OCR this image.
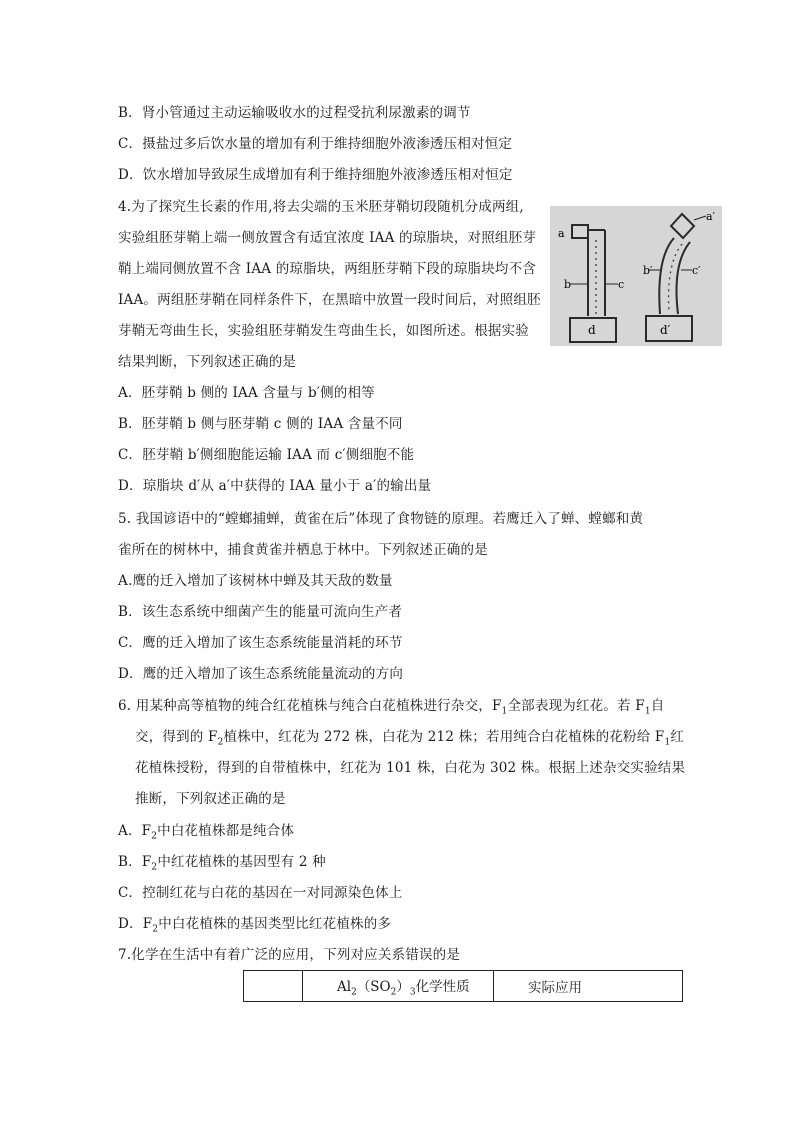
B．肾小管通过主动运输吸收水的过程受抗利尿激素的调节
C．摄盐过多后饮水量的增加有利于维持细胞外液渗透压相对恒定
D．饮水增加导致尿生成增加有利于维持细胞外液渗透压相对恒定
4.为了探究生长素的作用,将去尖端的玉米胚芽鞘切段随机分成两组,
实验组胚芽鞘上端一侧放置含有适宜浓度 IAA 的琼脂块，对照组胚芽
鞘上端同侧放置不含 IAA 的琼脂块，两组胚芽鞘下段的琼脂块均不含
IAA。两组胚芽鞘在同样条件下，在黑暗中放置一段时间后，对照组胚
芽鞘无弯曲生长，实验组胚芽鞘发生弯曲生长，如图所述。根据实验
结果判断，下列叙述正确的是
a
b	c
d
a′
b′	c′
d′
A．胚芽鞘 b 侧的 IAA 含量与 b′侧的相等
B．胚芽鞘 b 侧与胚芽鞘 c 侧的 IAA 含量不同
C．胚芽鞘 b′侧细胞能运输 IAA 而 c′侧细胞不能
D．琼脂块 d′从 a′中获得的 IAA 量小于 a′的输出量
5. 我国谚语中的“螳螂捕蝉，黄雀在后”体现了食物链的原理。若鹰迁入了蝉、螳螂和黄
雀所在的树林中，捕食黄雀并栖息于林中。下列叙述正确的是
A.鹰的迁入增加了该树林中蝉及其天敌的数量
B．该生态系统中细菌产生的能量可流向生产者
C．鹰的迁入增加了该生态系统能量消耗的环节
D．鹰的迁入增加了该生态系统能量流动的方向
6. 用某种高等植物的纯合红花植株与纯合白花植株进行杂交，$F_1$全部表现为红花。若 $F_1$自
交，得到的 $F_2$植株中，红花为 272 株，白花为 212 株；若用纯合白花植株的花粉给 $F_1$红
花植株授粉，得到的自带植株中，红花为 101 株，白花为 302 株。根据上述杂交实验结果
推断，下列叙述正确的是
A．$F_2$中白花植株都是纯合体
B．$F_2$中红花植株的基因型有 2 种
C．控制红花与白花的基因在一对同源染色体上
D．$F_2$中白花植株的基因类型比红花植株的多
7.化学在生活中有着广泛的应用，下列对应关系错误的是
	$Al_2(SO_2)_3$化学性质	实际应用
